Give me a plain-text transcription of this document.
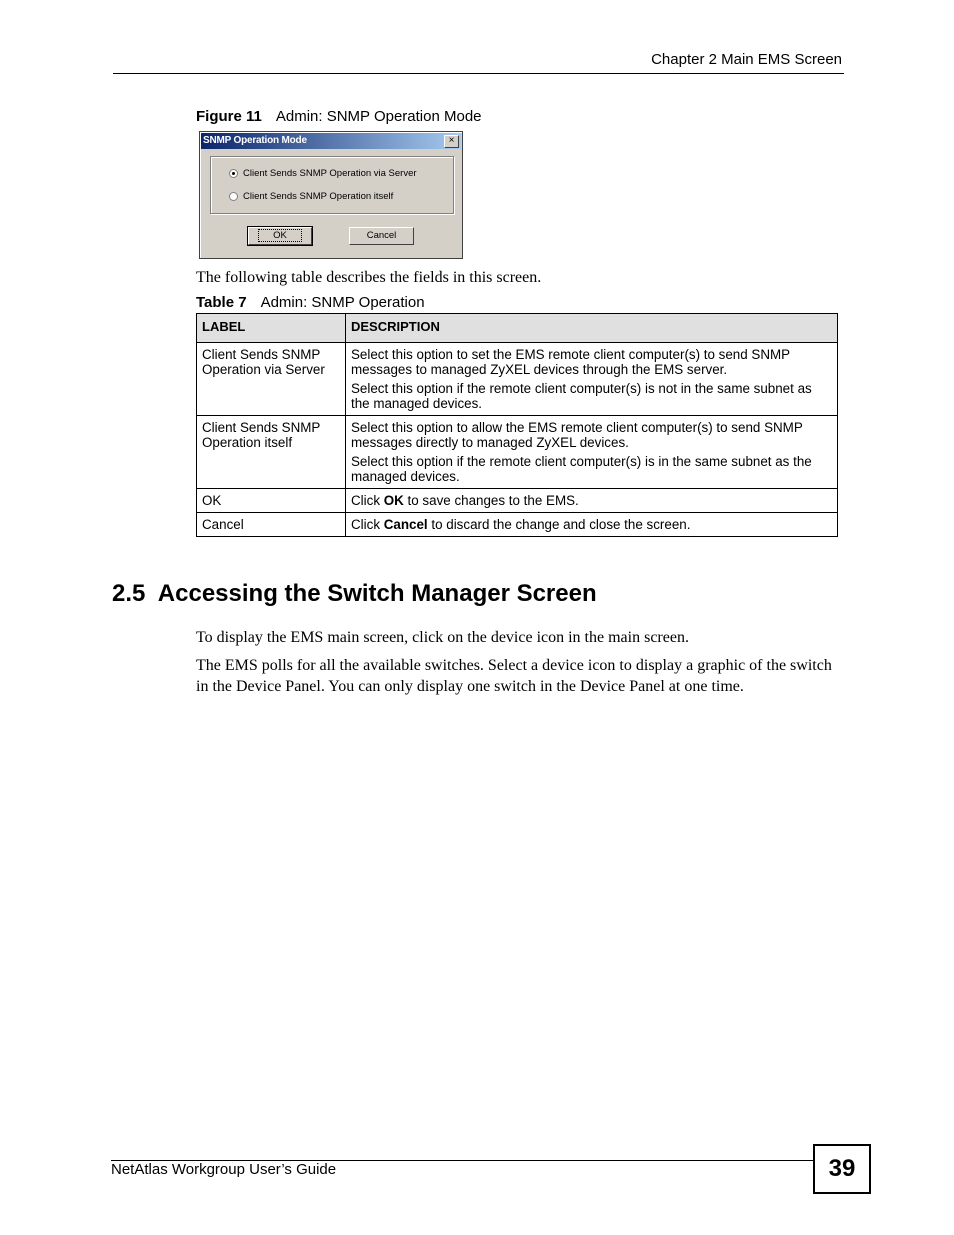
Chapter 2 Main EMS Screen
Figure 11 Admin: SNMP Operation Mode
SNMP Operation Mode	×
Client Sends SNMP Operation via Server
Client Sends SNMP Operation itself
OK	Cancel
The following table describes the fields in this screen.
Table 7 Admin: SNMP Operation
LABEL	DESCRIPTION
Client Sends SNMP Operation via Server	Select this option to set the EMS remote client computer(s) to send SNMP messages to managed ZyXEL devices through the EMS server.

Select this option if the remote client computer(s) is not in the same subnet as the managed devices.

Client Sends SNMP Operation itself	Select this option to allow the EMS remote client computer(s) to send SNMP messages directly to managed ZyXEL devices.

Select this option if the remote client computer(s) is in the same subnet as the managed devices.

OK	Click OK to save changes to the EMS.
Cancel	Click Cancel to discard the change and close the screen.
2.5  Accessing the Switch Manager Screen
To display the EMS main screen, click on the device icon in the main screen.
The EMS polls for all the available switches. Select a device icon to display a graphic of the switch in the Device Panel. You can only display one switch in the Device Panel at one time.
NetAtlas Workgroup User’s Guide	39
